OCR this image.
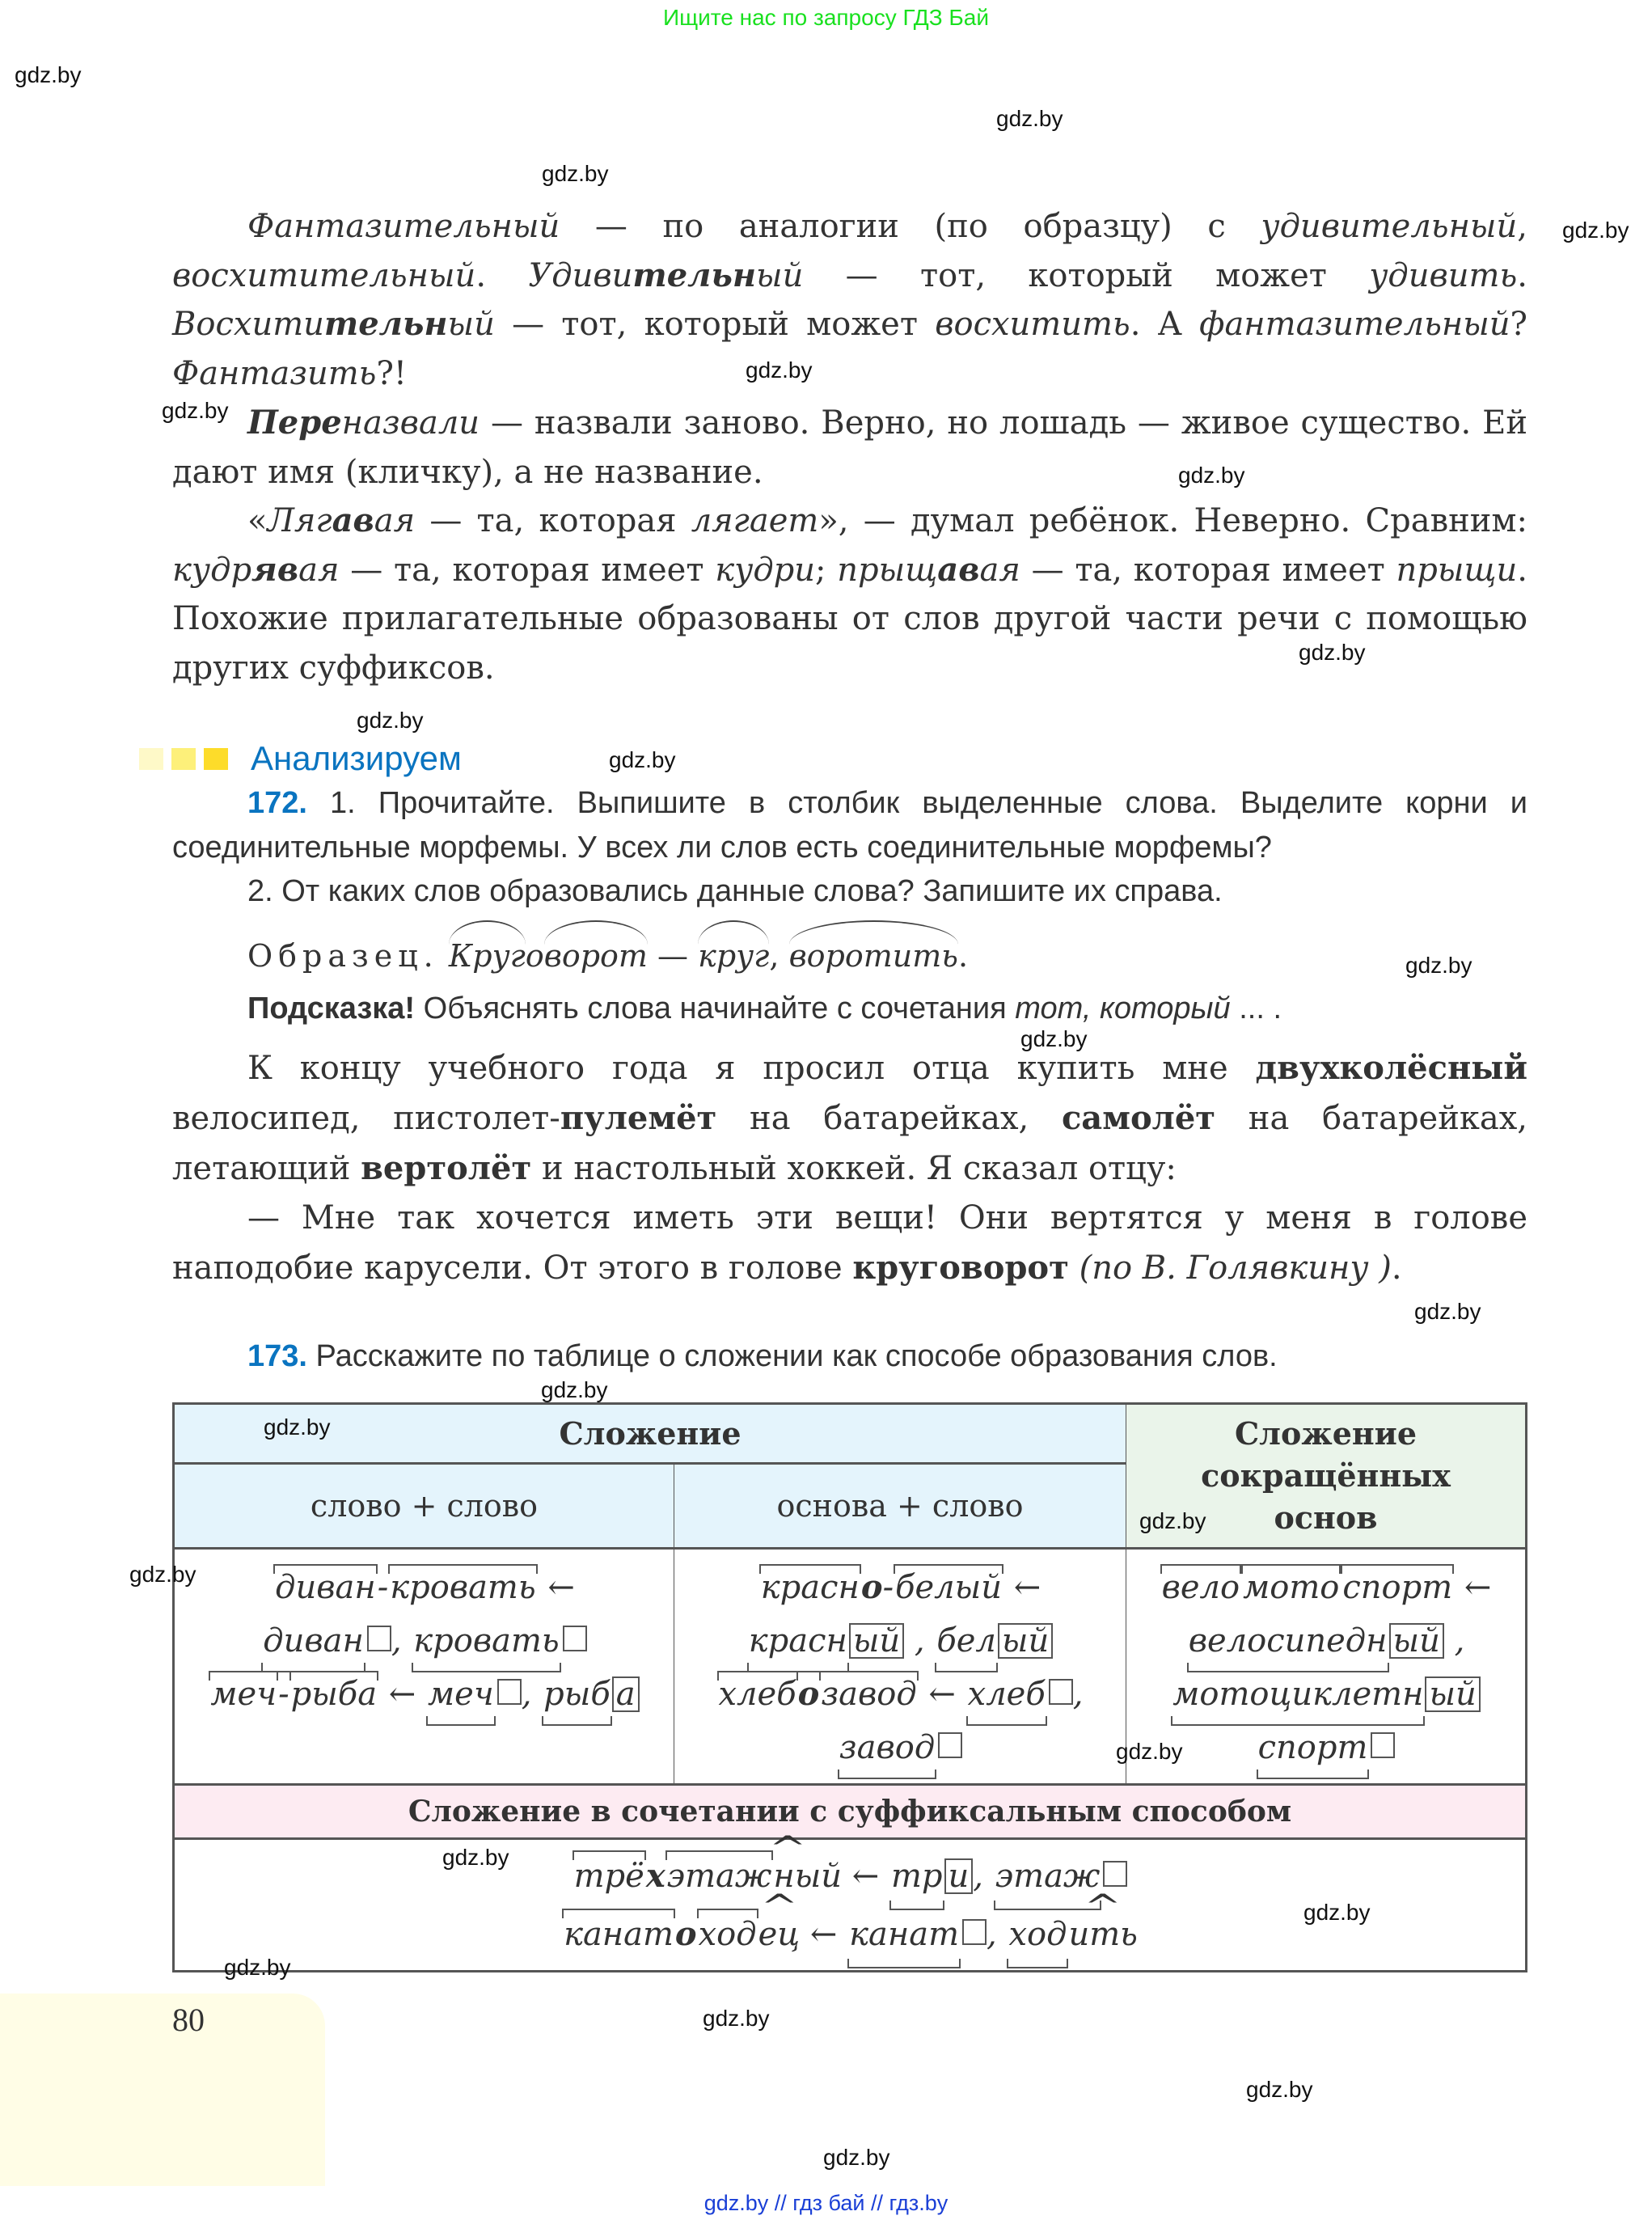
Ищите нас по запросу ГДЗ Бай
gdz.by
gdz.by
gdz.by
gdz.by
gdz.by
gdz.by
gdz.by
gdz.by
gdz.by
gdz.by
gdz.by
gdz.by
gdz.by
gdz.by
gdz.by
gdz.by
gdz.by
gdz.by
gdz.by
gdz.by
gdz.by
gdz.by
gdz.by
gdz.by

Фантазительный — по аналогии (по образцу) с удивительный, восхитительный. Удивительный — тот, который может удивить. Восхитительный — тот, который может восхитить. А фантазительный? Фантазить?!

Переназвали — назвали заново. Верно, но лошадь — живое существо. Ей дают имя (кличку), а не название.

«Лягавая — та, которая лягает», — думал ребёнок. Неверно. Сравним: кудрявая — та, которая имеет кудри; прыщавая — та, которая имеет прыщи. Похожие прилагательные образованы от слов другой части речи с помощью других суффиксов.

Анализируем

172. 1. Прочитайте. Выпишите в столбик выделенные слова. Выделите корни и соединительные морфемы. У всех ли слов есть соединительные морфемы?

2. От каких слов образовались данные слова? Запишите их справа.

Образец. Круговорот — круг, воротить.
Подсказка! Объяснять слова начинайте с сочетания тот, который ... .

К концу учебного года я просил отца купить мне двухколёсный велосипед, пистолет-пулемёт на батарейках, самолёт на батарейках, летающий вертолёт и настольный хоккей. Я сказал отцу:

— Мне так хочется иметь эти вещи! Они вертятся у меня в голове наподобие карусели. От этого в голове круговорот (по В. Голявкину ).

173. Расскажите по таблице о сложении как способе образования слов.
Сложение
слово + слово	основа + слово
Сложение сокращённых основ
диван-кровать ←
диван , кровать
меч-рыба ← меч , рыб а
красно-белый ←
красн ый , бел ый
хлебозавод ← хлеб ,
завод
вело мото спорт ←
велосипедн ый ,
мотоциклетн ый
спорт
Сложение в сочетании с суффиксальным способом
трёхэтаж^ ный ← тр и , этаж
канатоход^ ец ← канат , ход^ ить
80
gdz.by // гдз бай // гдз.by
